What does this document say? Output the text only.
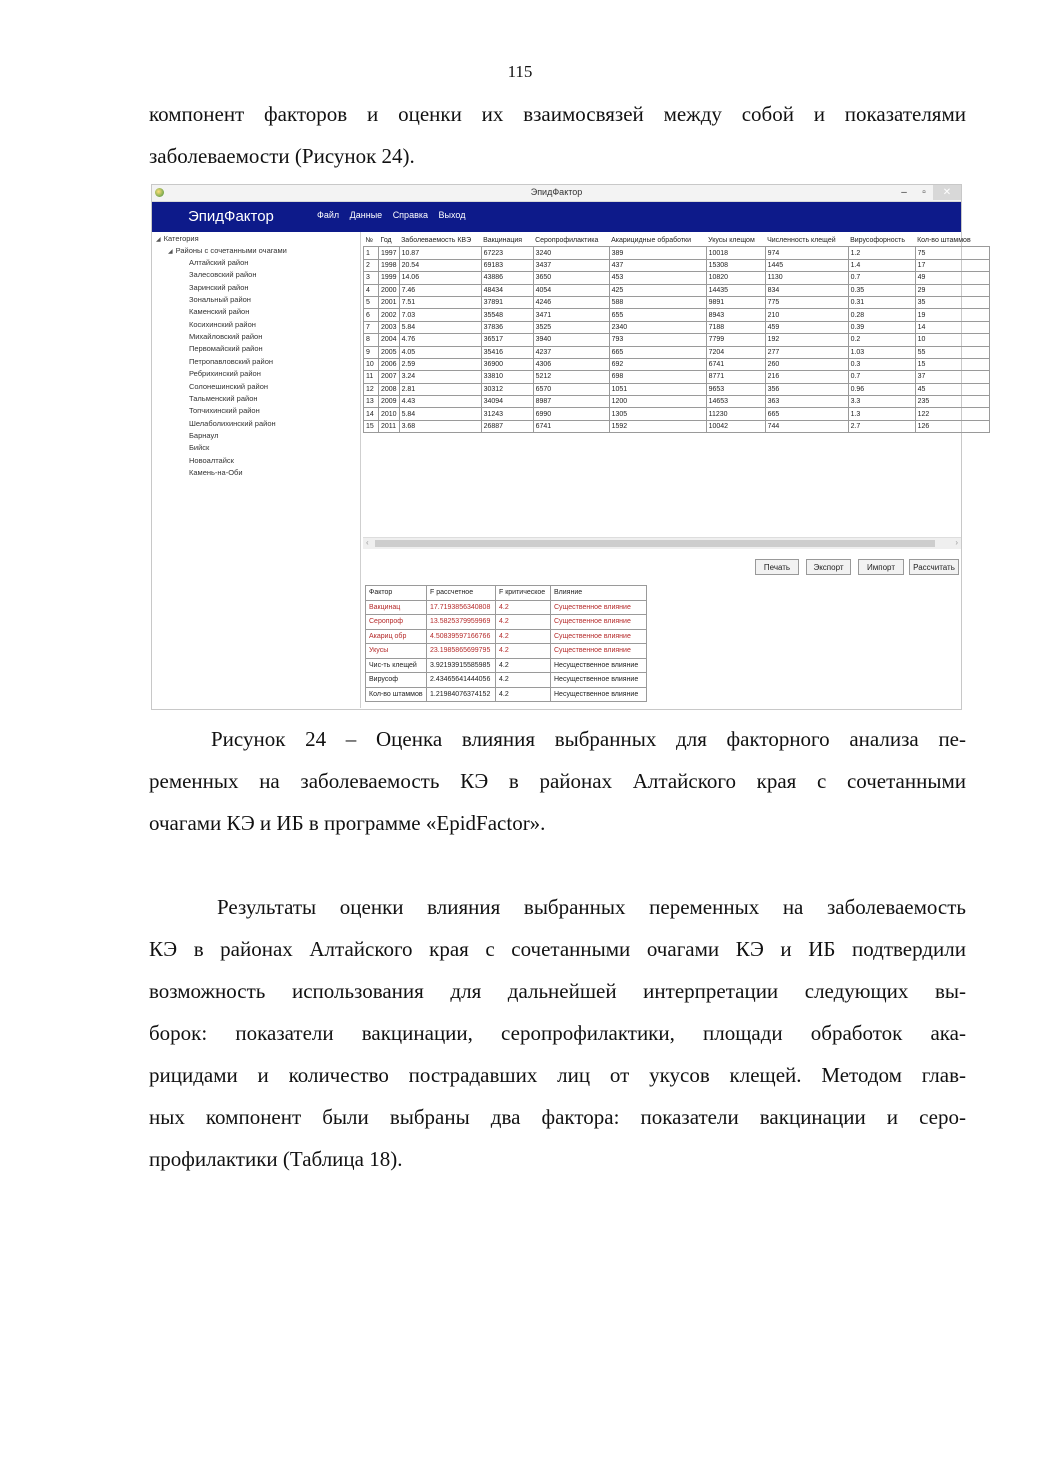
115
компонент факторов и оценки их взаимосвязей между собой и показателями
заболеваемости (Рисунок 24).
ЭпидФактор	–	▫	✕
ЭпидФактор	Файл Данные Справка Выход
◢ Категория
◢ Районы с сочетанными очагами
Алтайский район
Залесовский район
Заринский район
Зональный район
Каменский район
Косихинский район
Михайловский район
Первомайский район
Петропавловский район
Ребрихинский район
Солонешинский район
Тальменский район
Топчихинский район
Шелаболихинский район
Барнаул
Бийск
Новоалтайск
Камень-на-Оби
№	Год	Заболеваемость КВЭ	Вакцинация	Серопрофилактика	Акарицидные обработки	Укусы клещом	Численность клещей	Вирусофорность	Кол-во штаммов
1	1997	10.87	67223	3240	389	10018	974	1.2	75
2	1998	20.54	69183	3437	437	15308	1445	1.4	17
3	1999	14.06	43886	3650	453	10820	1130	0.7	49
4	2000	7.46	48434	4054	425	14435	834	0.35	29
5	2001	7.51	37891	4246	588	9891	775	0.31	35
6	2002	7.03	35548	3471	655	8943	210	0.28	19
7	2003	5.84	37836	3525	2340	7188	459	0.39	14
8	2004	4.76	36517	3940	793	7799	192	0.2	10
9	2005	4.05	35416	4237	665	7204	277	1.03	55
10	2006	2.59	36900	4306	692	6741	260	0.3	15
11	2007	3.24	33810	5212	698	8771	216	0.7	37
12	2008	2.81	30312	6570	1051	9653	356	0.96	45
13	2009	4.43	34094	8987	1200	14653	363	3.3	235
14	2010	5.84	31243	6990	1305	11230	665	1.3	122
15	2011	3.68	26887	6741	1592	10042	744	2.7	126
‹	›
Печать	Экспорт	Импорт	Рассчитать
Фактор	F рассчетное	F критическое	Влияние
Вакцинац	17.7193856340808	4.2	Существенное влияние
Серопроф	13.5825379959969	4.2	Существенное влияние
Акариц обр	4.50839597166766	4.2	Существенное влияние
Укусы	23.1985865699795	4.2	Существенное влияние
Чис-ть клещей	3.92193915585985	4.2	Несущественное влияние
Вирусоф	2.43465641444056	4.2	Несущественное влияние
Кол-во штаммов	1.21984076374152	4.2	Несущественное влияние
Рисунок 24 – Оценка влияния выбранных для факторного анализа пе-
ременных на заболеваемость КЭ в районах Алтайского края с сочетанными
очагами КЭ и ИБ в программе «EpidFactor».
Результаты оценки влияния выбранных переменных на заболеваемость
КЭ в районах Алтайского края с сочетанными очагами КЭ и ИБ подтвердили
возможность использования для дальнейшей интерпретации следующих вы-
борок: показатели вакцинации, серопрофилактики, площади обработок ака-
рицидами и количество пострадавших лиц от укусов клещей. Методом глав-
ных компонент были выбраны два фактора: показатели вакцинации и серо-
профилактики (Таблица 18).
